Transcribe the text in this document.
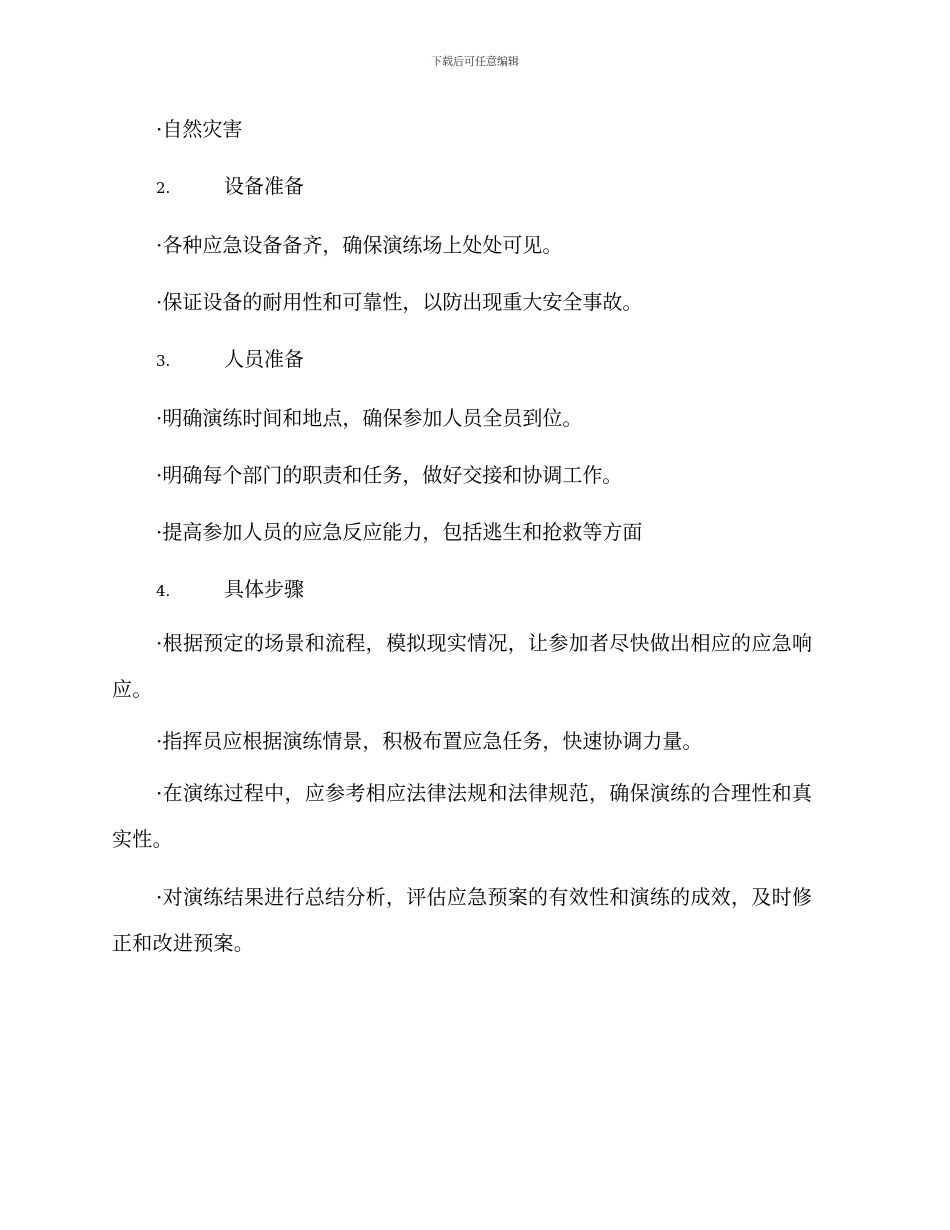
下载后可任意编辑

·自然灾害

2.	设备准备

·各种应急设备备齐，确保演练场上处处可见。

·保证设备的耐用性和可靠性，以防出现重大安全事故。

3.	人员准备

·明确演练时间和地点，确保参加人员全员到位。

·明确每个部门的职责和任务，做好交接和协调工作。

·提高参加人员的应急反应能力，包括逃生和抢救等方面

4.	具体步骤

·根据预定的场景和流程，模拟现实情况，让参加者尽快做出相应的应急响应。

·指挥员应根据演练情景，积极布置应急任务，快速协调力量。

·在演练过程中，应参考相应法律法规和法律规范，确保演练的合理性和真实性。

·对演练结果进行总结分析，评估应急预案的有效性和演练的成效，及时修正和改进预案。
